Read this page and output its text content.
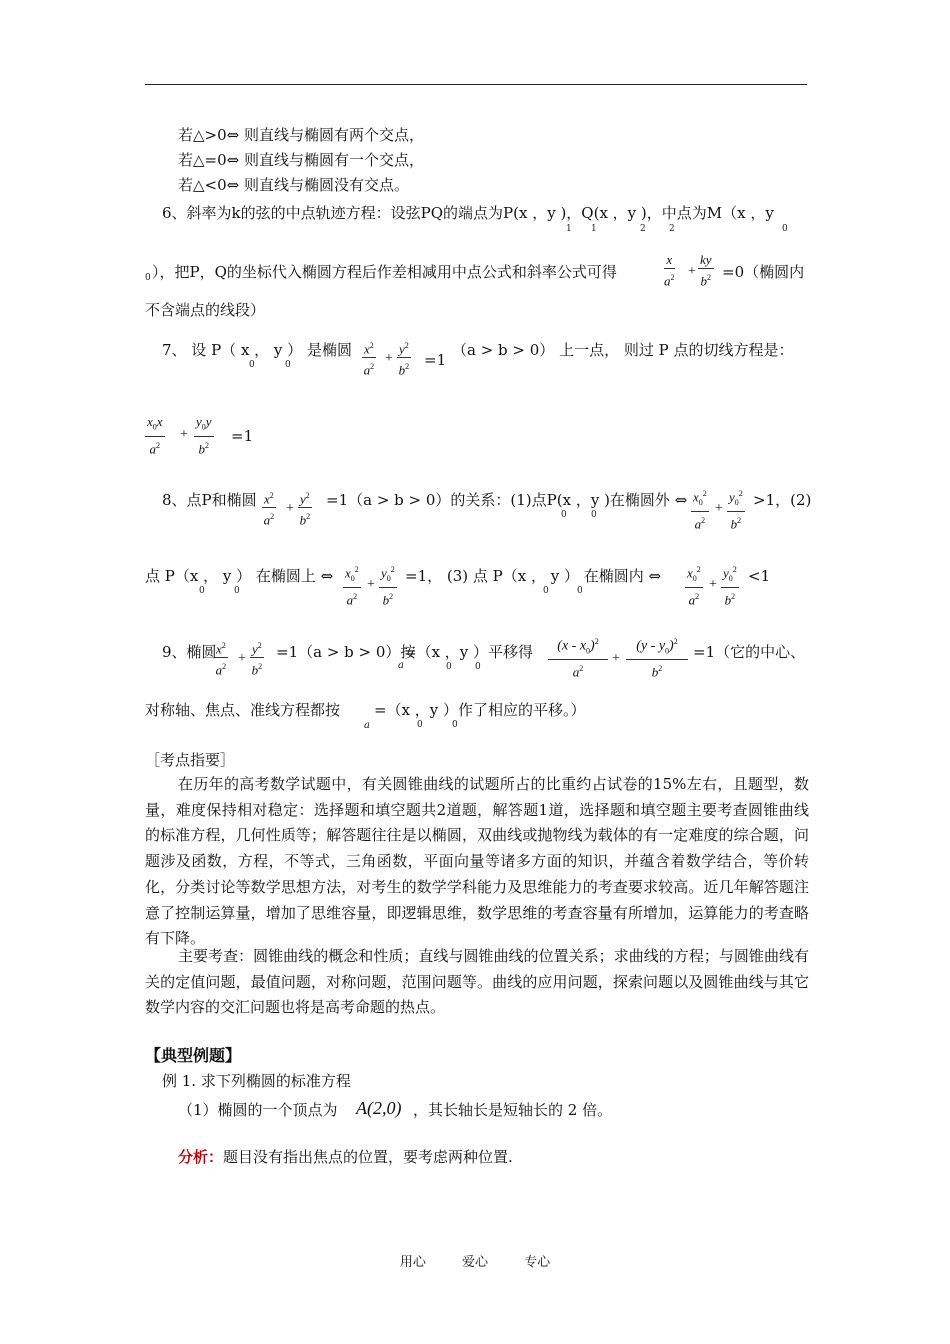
若△>0⇔ 则直线与椭圆有两个交点，
若△=0⇔ 则直线与椭圆有一个交点，
若△<0⇔ 则直线与椭圆没有交点。
6、斜率为k的弦的中点轨迹方程：设弦PQ的端点为P(x ，y )，Q(x ，y )，中点为M（x ，y
1 1	2	2	0
0 ），把P，Q的坐标代入椭圆方程后作差相减用中点公式和斜率公式可得
x
$a^2$ +
ky
$b^2 =0$（椭圆内
不含端点的线段）
7、 设 P（ x ， y ） 是椭圆
0	0
$x^2$
$a^2$
+
$y^2$
$b^2 =1$
（a > b > 0） 上一点， 则过 P 点的切线方程是：
$x_0x$
$a^2$
+
$y_0y$
$b^2$
=1
8、点P和椭圆 $x^2$
$a^2$
+
$y^2$
$b^2$
=1（a > b > 0）的关系：(1)点P(x ，y )在椭圆外 ⇔
0	0
$x_0^2$
$a^2$
+
$y_0^2$
$b^2$
>1，(2)
点 P（x ， y ） 在椭圆上 ⇔
0	0
$x_0^2$
$a^2$
+
$y_0^2$
$b^2$
=1， (3) 点 P（x ， y ） 在椭圆内 ⇔
0	0
$x_0^2$
$a^2$
+
$y_0^2$
$b^2$
<1
9、椭圆 $x^2$
$a^2$
+
$y^2$
$b^2$
=1（a > b > 0）按
a
=（x ，y ）平移得
0	0
$(x - x_0)^2$
$a^2$
+
$(y - y_0)^2$
$b^2$
=1（它的中心、
对称轴、焦点、准线方程都按
a
=（x ，y ）作了相应的平移。）
0	0
［考点指要］
在历年的高考数学试题中，有关圆锥曲线的试题所占的比重约占试卷的15%左右，且题型，数量，难度保持相对稳定：选择题和填空题共2道题，解答题1道，选择题和填空题主要考查圆锥曲线的标准方程，几何性质等；解答题往往是以椭圆，双曲线或抛物线为载体的有一定难度的综合题，问题涉及函数，方程，不等式，三角函数，平面向量等诸多方面的知识，并蕴含着数学结合，等价转化，分类讨论等数学思想方法，对考生的数学学科能力及思维能力的考查要求较高。近几年解答题注意了控制运算量，增加了思维容量，即逻辑思维，数学思维的考查容量有所增加，运算能力的考查略有下降。
主要考查：圆锥曲线的概念和性质；直线与圆锥曲线的位置关系；求曲线的方程；与圆锥曲线有关的定值问题，最值问题，对称问题，范围问题等。曲线的应用问题，探索问题以及圆锥曲线与其它数学内容的交汇问题也将是高考命题的热点。
【典型例题】
例 1. 求下列椭圆的标准方程
（1）椭圆的一个顶点为 A(2,0) ，其长轴长是短轴长的 2 倍。
分析：题目没有指出焦点的位置，要考虑两种位置.
用心	爱心	专心
